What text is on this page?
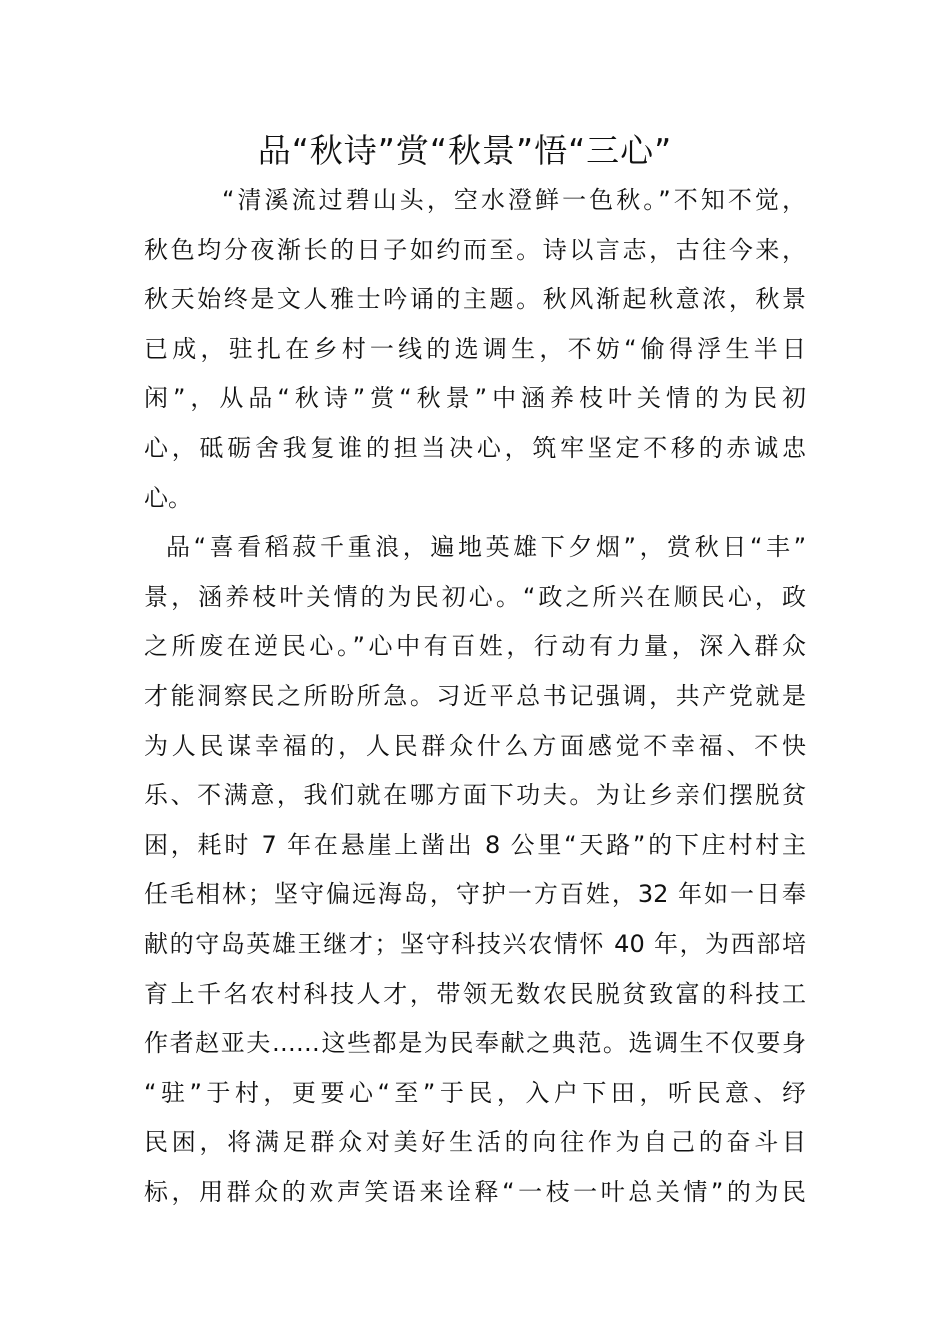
品“秋诗”赏“秋景”悟“三心”
“清溪流过碧山头，空水澄鲜一色秋。”不知不觉，
秋色均分夜渐长的日子如约而至。诗以言志，古往今来，
秋天始终是文人雅士吟诵的主题。秋风渐起秋意浓，秋景
已成，驻扎在乡村一线的选调生，不妨“偷得浮生半日
闲”，从品“秋诗”赏“秋景”中涵养枝叶关情的为民初
心，砥砺舍我复谁的担当决心，筑牢坚定不移的赤诚忠
心。
品“喜看稻菽千重浪，遍地英雄下夕烟”，赏秋日“丰”
景，涵养枝叶关情的为民初心。“政之所兴在顺民心，政
之所废在逆民心。”心中有百姓，行动有力量，深入群众
才能洞察民之所盼所急。习近平总书记强调，共产党就是
为人民谋幸福的，人民群众什么方面感觉不幸福、不快
乐、不满意，我们就在哪方面下功夫。为让乡亲们摆脱贫
困，耗时 7 年在悬崖上凿出 8 公里“天路”的下庄村村主
任毛相林；坚守偏远海岛，守护一方百姓，32 年如一日奉
献的守岛英雄王继才；坚守科技兴农情怀 40 年，为西部培
育上千名农村科技人才，带领无数农民脱贫致富的科技工
作者赵亚夫……这些都是为民奉献之典范。选调生不仅要身
“驻”于村，更要心“至”于民，入户下田，听民意、纾
民困，将满足群众对美好生活的向往作为自己的奋斗目
标，用群众的欢声笑语来诠释“一枝一叶总关情”的为民
